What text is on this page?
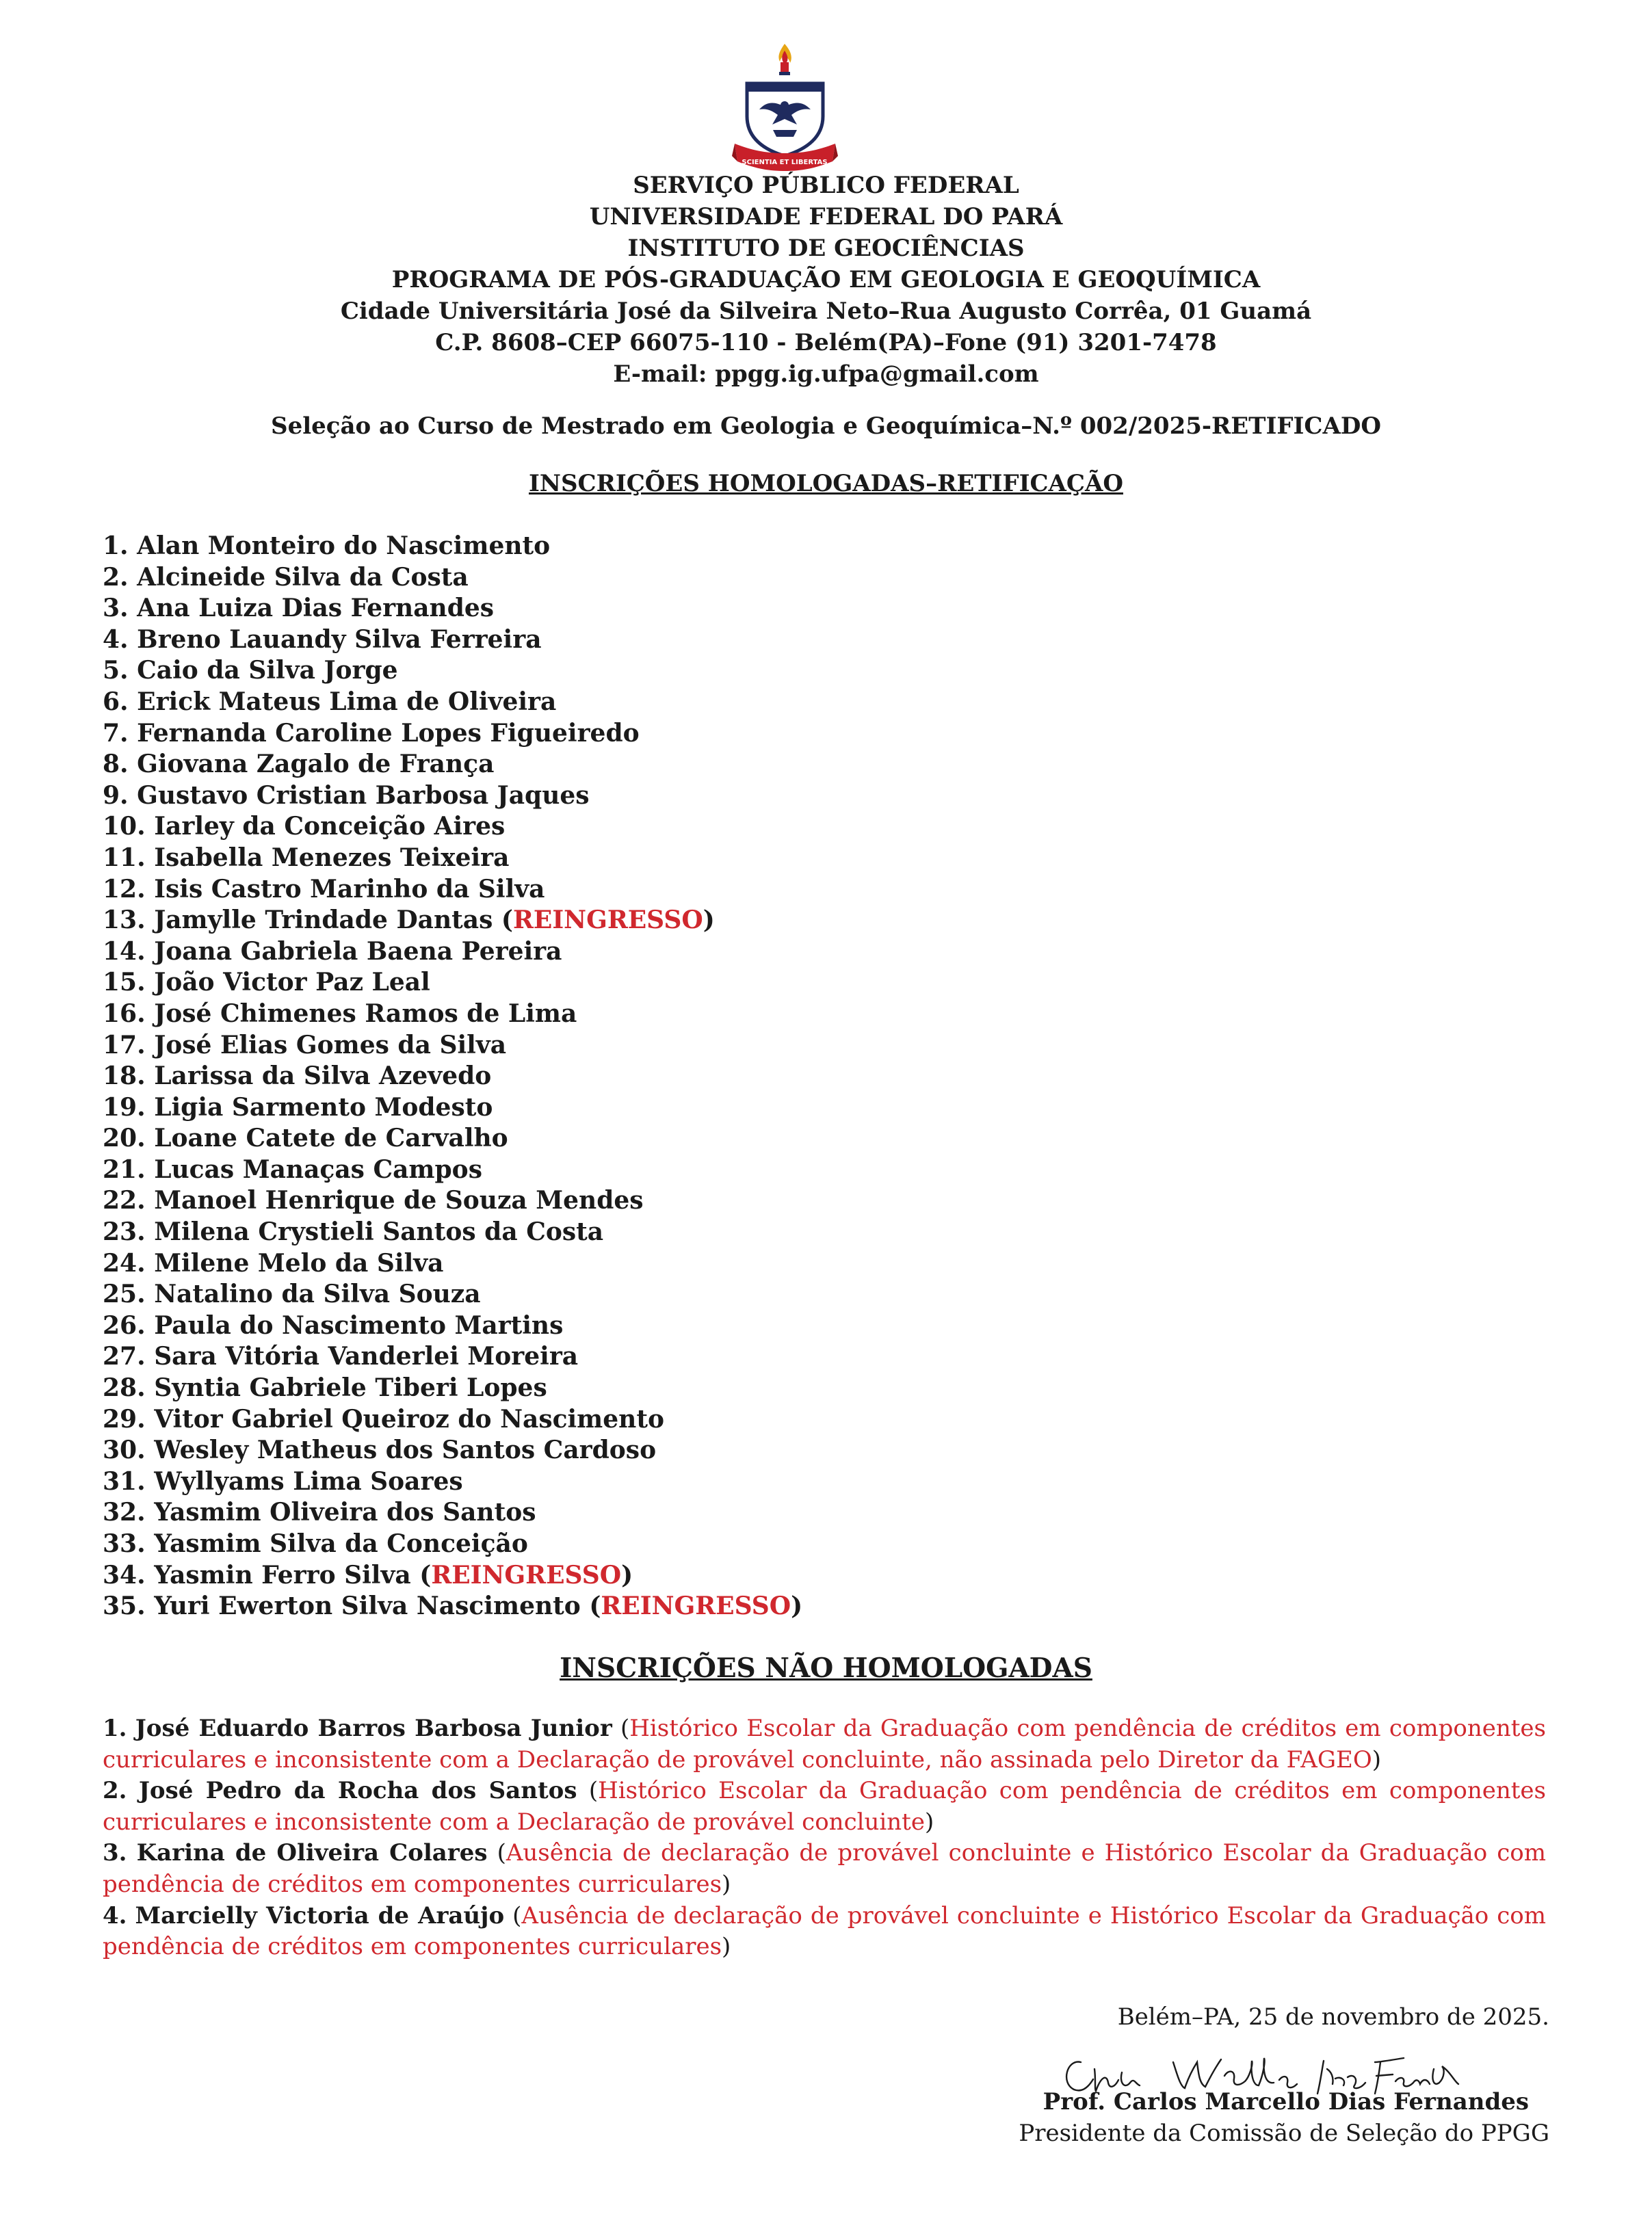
SCIENTIA ET LIBERTAS
SERVIÇO PÚBLICO FEDERAL
UNIVERSIDADE FEDERAL DO PARÁ
INSTITUTO DE GEOCIÊNCIAS
PROGRAMA DE PÓS-GRADUAÇÃO EM GEOLOGIA E GEOQUÍMICA
Cidade Universitária José da Silveira Neto–Rua Augusto Corrêa, 01 Guamá
C.P. 8608–CEP 66075-110 - Belém(PA)–Fone (91) 3201-7478
E-mail: ppgg.ig.ufpa@gmail.com
Seleção ao Curso de Mestrado em Geologia e Geoquímica–N.º 002/2025-RETIFICADO
INSCRIÇÕES HOMOLOGADAS–RETIFICAÇÃO
1. Alan Monteiro do Nascimento
2. Alcineide Silva da Costa
3. Ana Luiza Dias Fernandes
4. Breno Lauandy Silva Ferreira
5. Caio da Silva Jorge
6. Erick Mateus Lima de Oliveira
7. Fernanda Caroline Lopes Figueiredo
8. Giovana Zagalo de França
9. Gustavo Cristian Barbosa Jaques
10. Iarley da Conceição Aires
11. Isabella Menezes Teixeira
12. Isis Castro Marinho da Silva
13. Jamylle Trindade Dantas (REINGRESSO)
14. Joana Gabriela Baena Pereira
15. João Victor Paz Leal
16. José Chimenes Ramos de Lima
17. José Elias Gomes da Silva
18. Larissa da Silva Azevedo
19. Ligia Sarmento Modesto
20. Loane Catete de Carvalho
21. Lucas Manaças Campos
22. Manoel Henrique de Souza Mendes
23. Milena Crystieli Santos da Costa
24. Milene Melo da Silva
25. Natalino da Silva Souza
26. Paula do Nascimento Martins
27. Sara Vitória Vanderlei Moreira
28. Syntia Gabriele Tiberi Lopes
29. Vitor Gabriel Queiroz do Nascimento
30. Wesley Matheus dos Santos Cardoso
31. Wyllyams Lima Soares
32. Yasmim Oliveira dos Santos
33. Yasmim Silva da Conceição
34. Yasmin Ferro Silva (REINGRESSO)
35. Yuri Ewerton Silva Nascimento (REINGRESSO)
INSCRIÇÕES NÃO HOMOLOGADAS
1. José Eduardo Barros Barbosa Junior (Histórico Escolar da Graduação com pendência de créditos em componentes curriculares e inconsistente com a Declaração de provável concluinte, não assinada pelo Diretor da FAGEO)
2. José Pedro da Rocha dos Santos (Histórico Escolar da Graduação com pendência de créditos em componentes curriculares e inconsistente com a Declaração de provável concluinte)
3. Karina de Oliveira Colares (Ausência de declaração de provável concluinte e Histórico Escolar da Graduação com pendência de créditos em componentes curriculares)
4. Marcielly Victoria de Araújo (Ausência de declaração de provável concluinte e Histórico Escolar da Graduação com pendência de créditos em componentes curriculares)
Belém–PA, 25 de novembro de 2025.
Prof. Carlos Marcello Dias Fernandes
Presidente da Comissão de Seleção do PPGG
